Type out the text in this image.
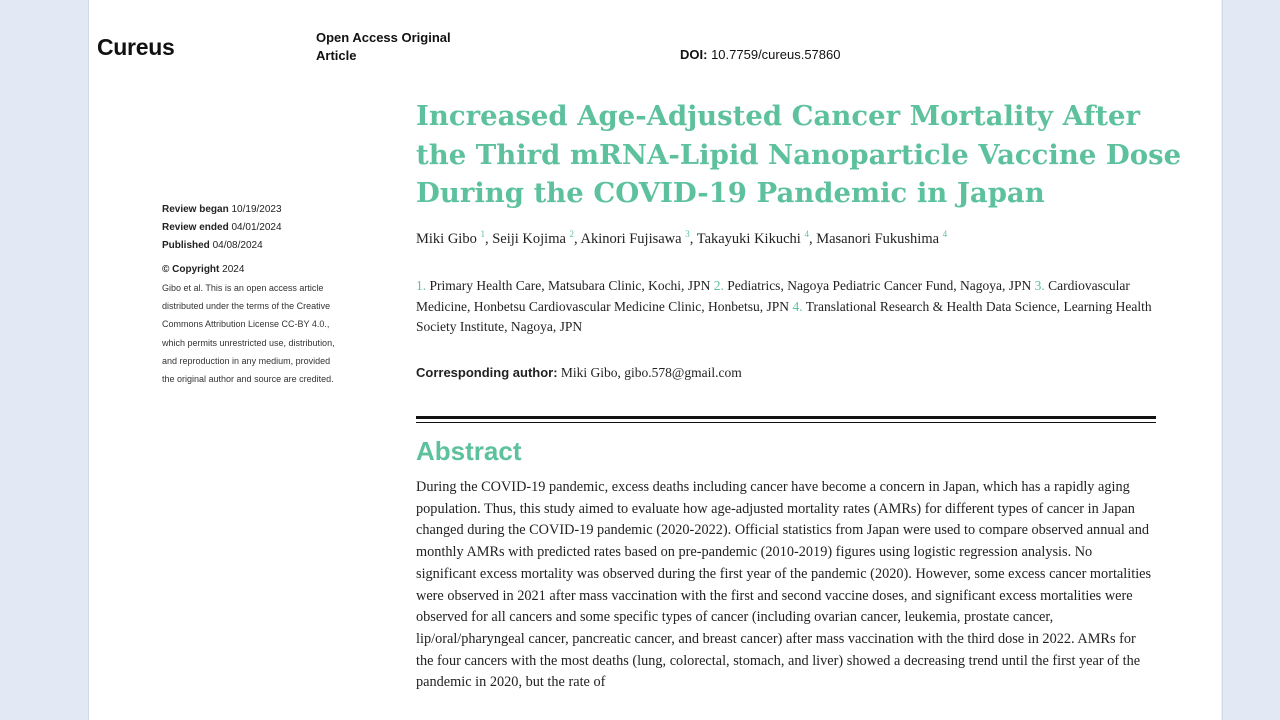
Cureus	Open Access Original Article	DOI: 10.7759/cureus.57860
Review began 10/19/2023
Review ended 04/01/2024
Published 04/08/2024
© Copyright 2024
Gibo et al. This is an open access article
distributed under the terms of the Creative
Commons Attribution License CC-BY 4.0.,
which permits unrestricted use, distribution,
and reproduction in any medium, provided
the original author and source are credited.
Increased Age-Adjusted Cancer Mortality After the Third mRNA-Lipid Nanoparticle Vaccine Dose During the COVID-19 Pandemic in Japan
Miki Gibo $^1$, Seiji Kojima $^2$, Akinori Fujisawa $^3$, Takayuki Kikuchi $^4$, Masanori Fukushima $^4$
1. Primary Health Care, Matsubara Clinic, Kochi, JPN 2. Pediatrics, Nagoya Pediatric Cancer Fund, Nagoya, JPN 3. Cardiovascular Medicine, Honbetsu Cardiovascular Medicine Clinic, Honbetsu, JPN 4. Translational Research & Health Data Science, Learning Health Society Institute, Nagoya, JPN
Corresponding author: Miki Gibo, gibo.578@gmail.com
Abstract

During the COVID-19 pandemic, excess deaths including cancer have become a concern in Japan, which has a rapidly aging population. Thus, this study aimed to evaluate how age-adjusted mortality rates (AMRs) for different types of cancer in Japan changed during the COVID-19 pandemic (2020-2022). Official statistics from Japan were used to compare observed annual and monthly AMRs with predicted rates based on pre-pandemic (2010-2019) figures using logistic regression analysis. No significant excess mortality was observed during the first year of the pandemic (2020). However, some excess cancer mortalities were observed in 2021 after mass vaccination with the first and second vaccine doses, and significant excess mortalities were observed for all cancers and some specific types of cancer (including ovarian cancer, leukemia, prostate cancer, lip/oral/pharyngeal cancer, pancreatic cancer, and breast cancer) after mass vaccination with the third dose in 2022. AMRs for the four cancers with the most deaths (lung, colorectal, stomach, and liver) showed a decreasing trend until the first year of the pandemic in 2020, but the rate of
